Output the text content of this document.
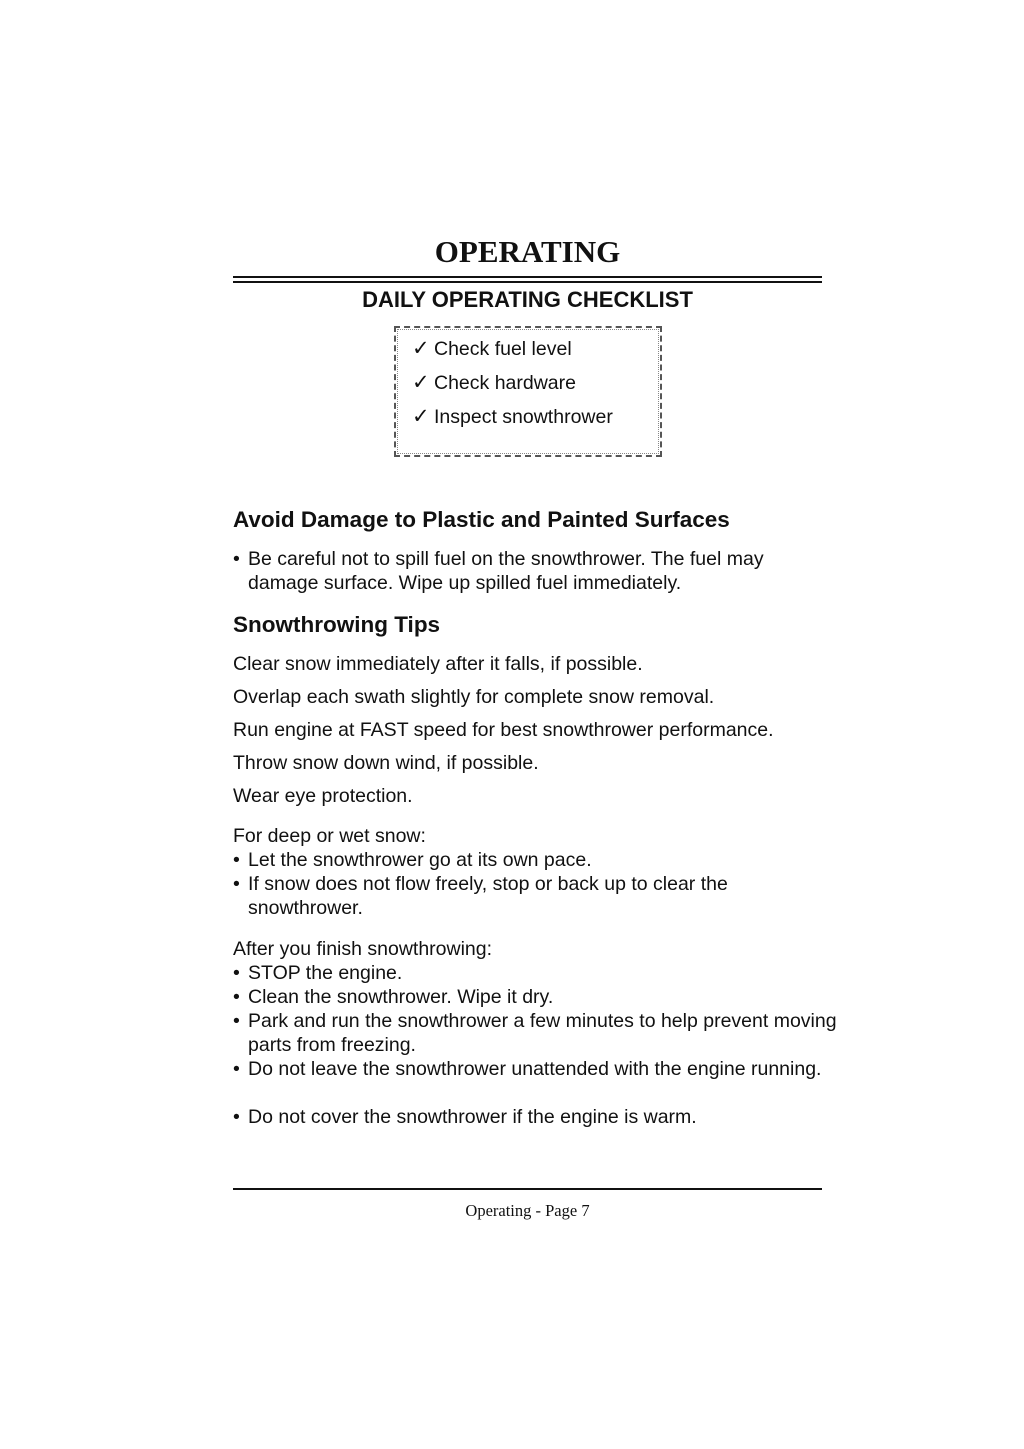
OPERATING
DAILY OPERATING CHECKLIST
✓ Check fuel level
✓ Check hardware
✓ Inspect snowthrower
Avoid Damage to Plastic and Painted Surfaces

• Be careful not to spill fuel on the snowthrower. The fuel may damage surface. Wipe up spilled fuel immediately.

Snowthrowing Tips

Clear snow immediately after it falls, if possible.

Overlap each swath slightly for complete snow removal.

Run engine at FAST speed for best snowthrower performance.

Throw snow down wind, if possible.

Wear eye protection.

For deep or wet snow:

• Let the snowthrower go at its own pace.

• If snow does not flow freely, stop or back up to clear the snowthrower.

After you finish snowthrowing:

• STOP the engine.

• Clean the snowthrower. Wipe it dry.

• Park and run the snowthrower a few minutes to help prevent moving parts from freezing.

• Do not leave the snowthrower unattended with the engine running.

• Do not cover the snowthrower if the engine is warm.

Operating - Page 7
